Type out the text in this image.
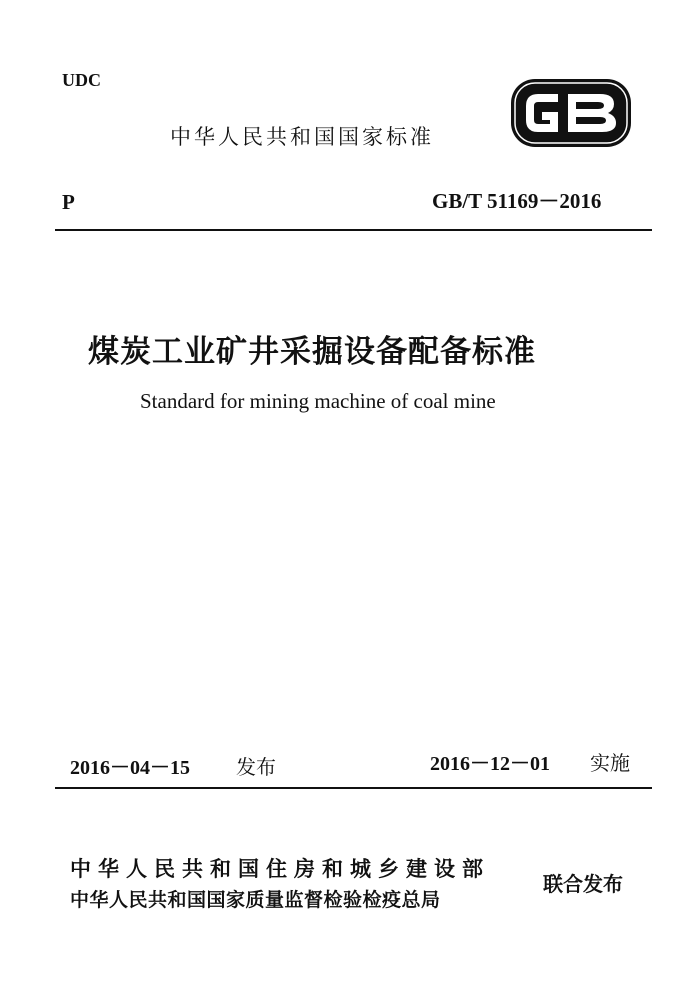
UDC
中华人民共和国国家标准
P	GB/T 51169－2016
煤炭工业矿井采掘设备配备标准
Standard for mining machine of coal mine
2016－04－15 发布	2016－12－01 实施
中华人民共和国住房和城乡建设部
中华人民共和国国家质量监督检验检疫总局
联合发布
